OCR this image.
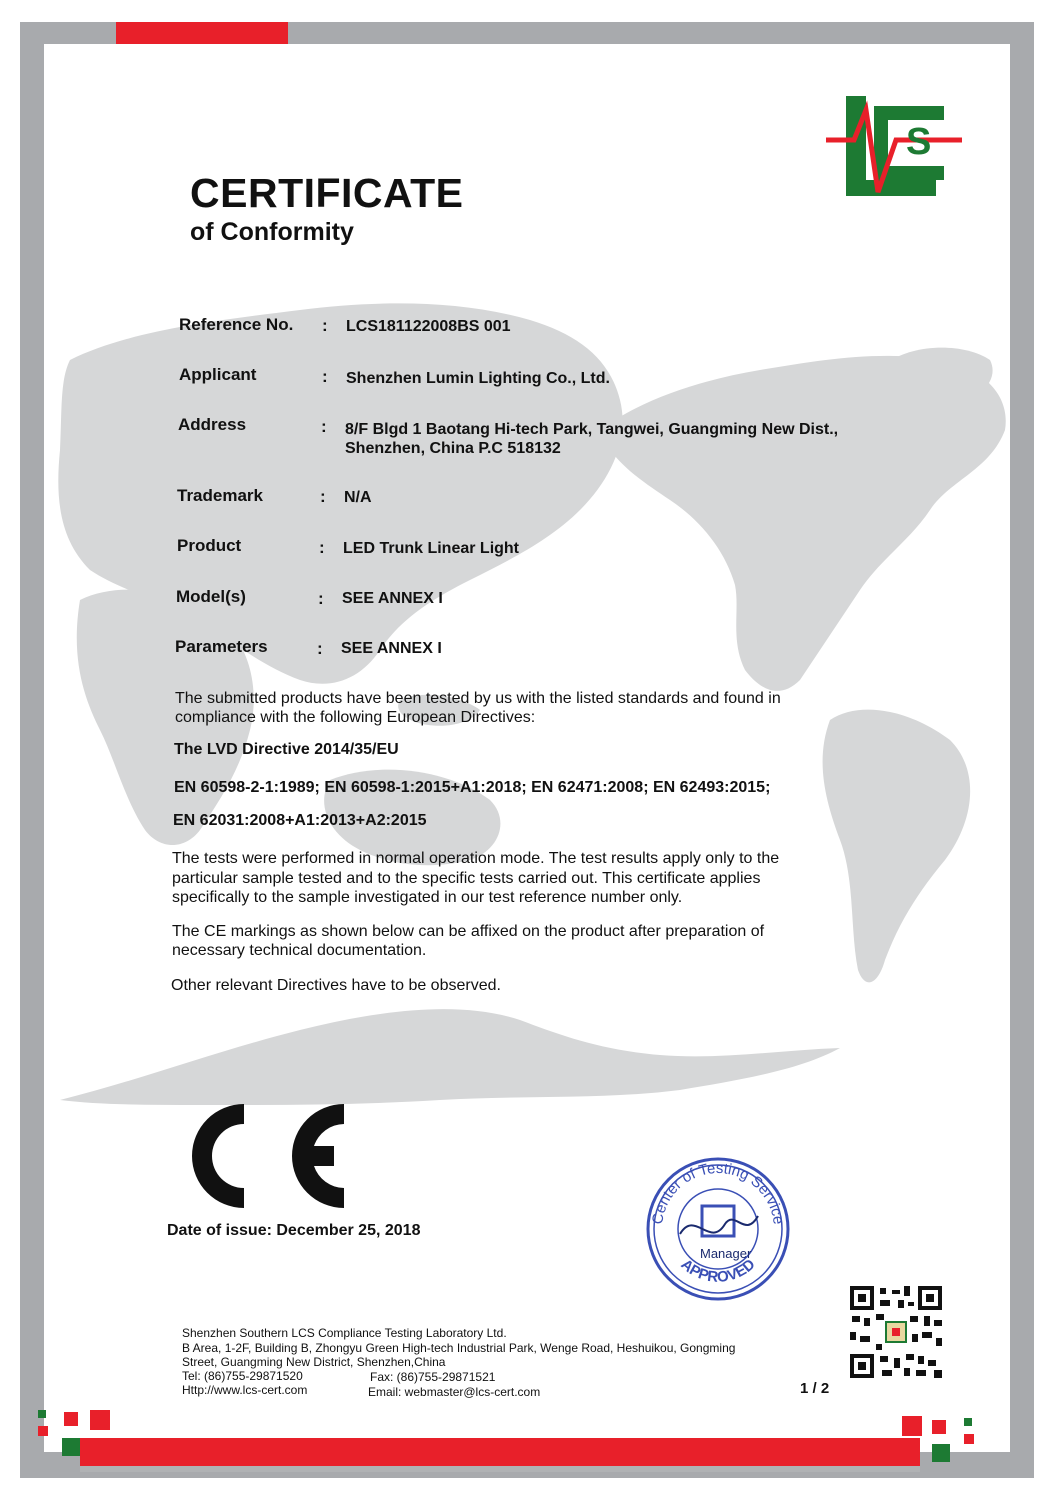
S
CERTIFICATE
of Conformity
Reference No. : LCS181122008BS 001
Applicant	: Shenzhen Lumin Lighting Co., Ltd.
Address	: 8/F Blgd 1 Baotang Hi-tech Park, Tangwei, Guangming New Dist.,
Shenzhen, China P.C 518132
Trademark	: N/A
Product	: LED Trunk Linear Light
Model(s)	: SEE ANNEX I
Parameters	: SEE ANNEX I
The submitted products have been tested by us with the listed standards and found in
compliance with the following European Directives:
The LVD Directive 2014/35/EU
EN 60598-2-1:1989; EN 60598-1:2015+A1:2018; EN 62471:2008; EN 62493:2015;
EN 62031:2008+A1:2013+A2:2015
The tests were performed in normal operation mode. The test results apply only to the
particular sample tested and to the specific tests carried out. This certificate applies
specifically to the sample investigated in our test reference number only.
The CE markings as shown below can be affixed on the product after preparation of
necessary technical documentation.
Other relevant Directives have to be observed.
CE
Date of issue: December 25, 2018
Center of Testing Service
APPROVED
Manager
Shenzhen Southern LCS Compliance Testing Laboratory Ltd.
B Area, 1-2F, Building B, Zhongyu Green High-tech Industrial Park, Wenge Road, Heshuikou, Gongming
Street, Guangming New District, Shenzhen,China
Tel: (86)755-29871520	Fax: (86)755-29871521
Http://www.lcs-cert.com	Email: webmaster@lcs-cert.com	1 / 2
